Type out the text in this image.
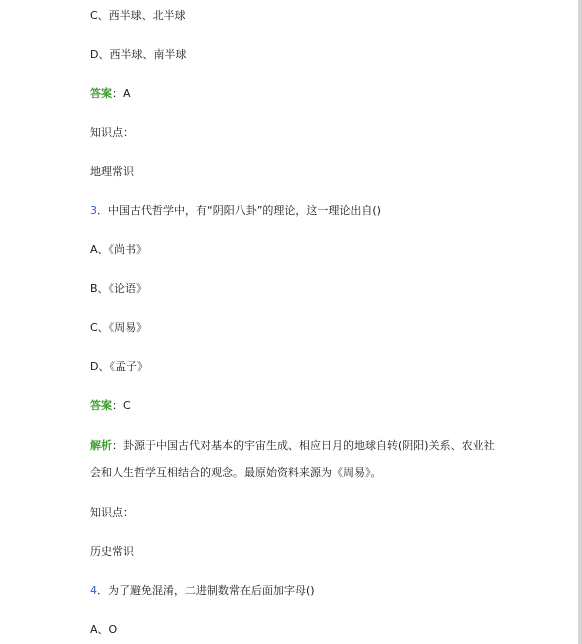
C、西半球、北半球
D、西半球、南半球
答案：A
知识点：
地理常识
3．中国古代哲学中，有“阴阳八卦”的理论，这一理论出自()
A、《尚书》
B、《论语》
C、《周易》
D、《孟子》
答案：C
解析：卦源于中国古代对基本的宇宙生成、相应日月的地球自转(阴阳)关系、农业社
会和人生哲学互相结合的观念。最原始资料来源为《周易》。
知识点：
历史常识
4．为了避免混淆，二进制数常在后面加字母()
A、O
